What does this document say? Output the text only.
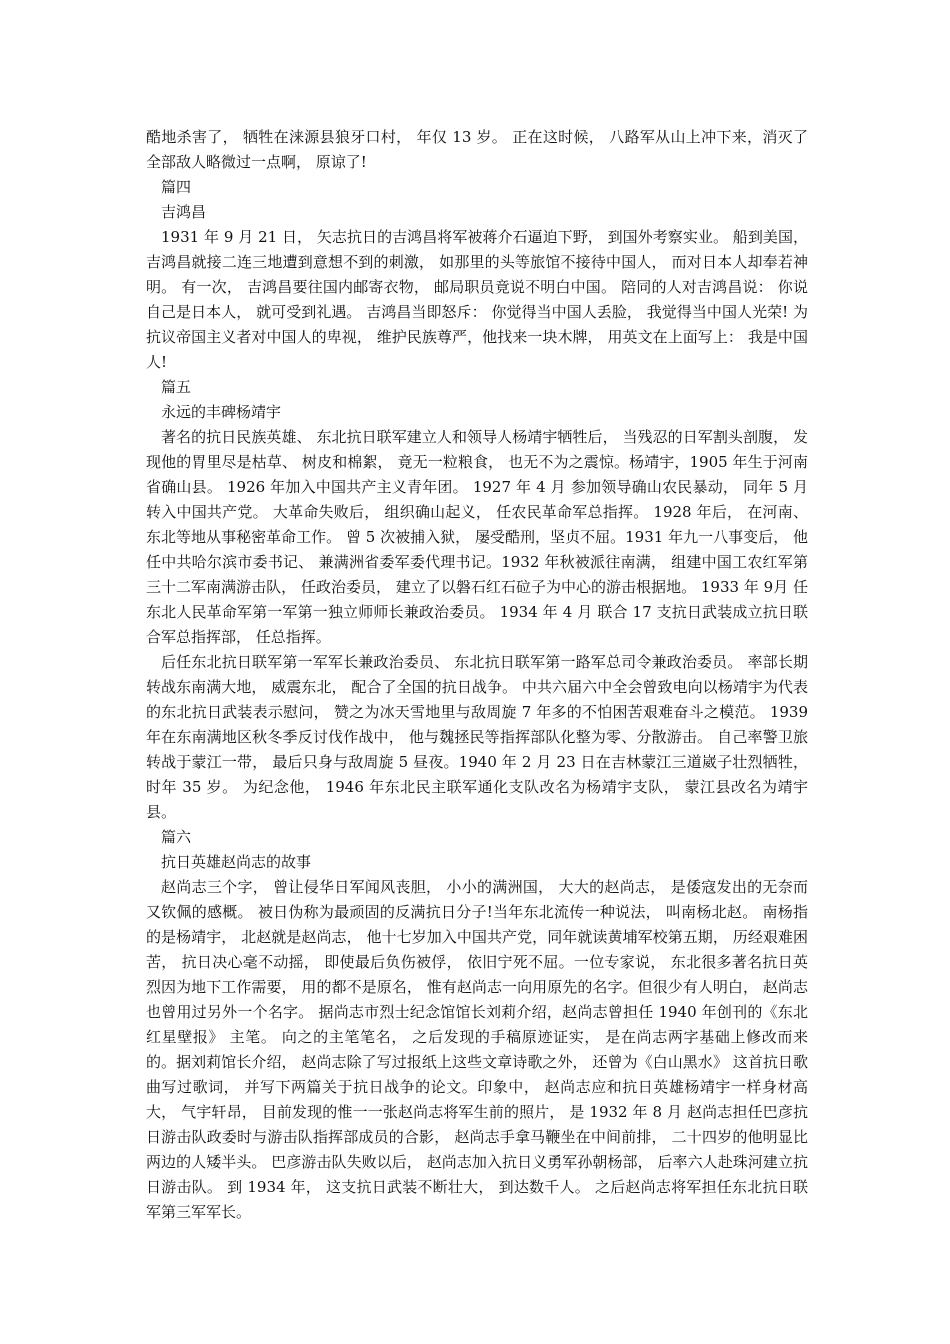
酷地杀害了， 牺牲在涞源县狼牙口村， 年仅 13 岁。 正在这时候， 八路军从山上冲下来，消灭了全部敌人略微过一点啊， 原谅了!

篇四

吉鸿昌

1931 年 9 月 21 日， 矢志抗日的吉鸿昌将军被蒋介石逼迫下野， 到国外考察实业。 船到美国， 吉鸿昌就接二连三地遭到意想不到的刺激， 如那里的头等旅馆不接待中国人， 而对日本人却奉若神明。 有一次， 吉鸿昌要往国内邮寄衣物， 邮局职员竟说不明白中国。 陪同的人对吉鸿昌说： 你说自己是日本人， 就可受到礼遇。 吉鸿昌当即怒斥： 你觉得当中国人丢脸， 我觉得当中国人光荣! 为抗议帝国主义者对中国人的卑视， 维护民族尊严，他找来一块木牌， 用英文在上面写上： 我是中国人!

篇五

永远的丰碑杨靖宇

著名的抗日民族英雄、 东北抗日联军建立人和领导人杨靖宇牺牲后， 当残忍的日军割头剖腹， 发现他的胃里尽是枯草、 树皮和棉絮， 竟无一粒粮食， 也无不为之震惊。杨靖宇，1905 年生于河南省确山县。 1926 年加入中国共产主义青年团。 1927 年 4 月 参加领导确山农民暴动， 同年 5 月 转入中国共产党。 大革命失败后， 组织确山起义， 任农民革命军总指挥。 1928 年后， 在河南、东北等地从事秘密革命工作。 曾 5 次被捕入狱， 屡受酷刑，坚贞不屈。1931 年九一八事变后， 他任中共哈尔滨市委书记、 兼满洲省委军委代理书记。1932 年秋被派往南满， 组建中国工农红军第三十二军南满游击队， 任政治委员， 建立了以磐石红石砬子为中心的游击根据地。 1933 年 9月 任东北人民革命军第一军第一独立师师长兼政治委员。 1934 年 4 月 联合 17 支抗日武装成立抗日联合军总指挥部， 任总指挥。

后任东北抗日联军第一军军长兼政治委员、 东北抗日联军第一路军总司令兼政治委员。 率部长期转战东南满大地， 威震东北， 配合了全国的抗日战争。 中共六届六中全会曾致电向以杨靖宇为代表的东北抗日武装表示慰问， 赞之为冰天雪地里与敌周旋 7 年多的不怕困苦艰难奋斗之模范。 1939 年在东南满地区秋冬季反讨伐作战中， 他与魏拯民等指挥部队化整为零、分散游击。 自己率警卫旅转战于蒙江一带， 最后只身与敌周旋 5 昼夜。1940 年 2 月 23 日在吉林蒙江三道崴子壮烈牺牲， 时年 35 岁。 为纪念他， 1946 年东北民主联军通化支队改名为杨靖宇支队， 蒙江县改名为靖宇县。

篇六

抗日英雄赵尚志的故事

赵尚志三个字， 曾让侵华日军闻风丧胆， 小小的满洲国， 大大的赵尚志， 是倭寇发出的无奈而又钦佩的感概。 被日伪称为最顽固的反满抗日分子!当年东北流传一种说法， 叫南杨北赵。 南杨指的是杨靖宇， 北赵就是赵尚志， 他十七岁加入中国共产党，同年就读黄埔军校第五期， 历经艰难困苦， 抗日决心毫不动摇， 即使最后负伤被俘， 依旧宁死不屈。一位专家说， 东北很多著名抗日英烈因为地下工作需要， 用的都不是原名， 惟有赵尚志一向用原先的名字。但很少有人明白， 赵尚志也曾用过另外一个名字。 据尚志市烈士纪念馆馆长刘莉介绍，赵尚志曾担任 1940 年创刊的《东北红星壁报》 主笔。 向之的主笔笔名， 之后发现的手稿原迹证实， 是在尚志两字基础上修改而来的。据刘莉馆长介绍， 赵尚志除了写过报纸上这些文章诗歌之外， 还曾为《白山黑水》 这首抗日歌曲写过歌词， 并写下两篇关于抗日战争的论文。印象中， 赵尚志应和抗日英雄杨靖宇一样身材高大， 气宇轩昂， 目前发现的惟一一张赵尚志将军生前的照片， 是 1932 年 8 月 赵尚志担任巴彦抗日游击队政委时与游击队指挥部成员的合影， 赵尚志手拿马鞭坐在中间前排， 二十四岁的他明显比两边的人矮半头。 巴彦游击队失败以后， 赵尚志加入抗日义勇军孙朝杨部， 后率六人赴珠河建立抗日游击队。 到 1934 年， 这支抗日武装不断壮大， 到达数千人。 之后赵尚志将军担任东北抗日联军第三军军长。
